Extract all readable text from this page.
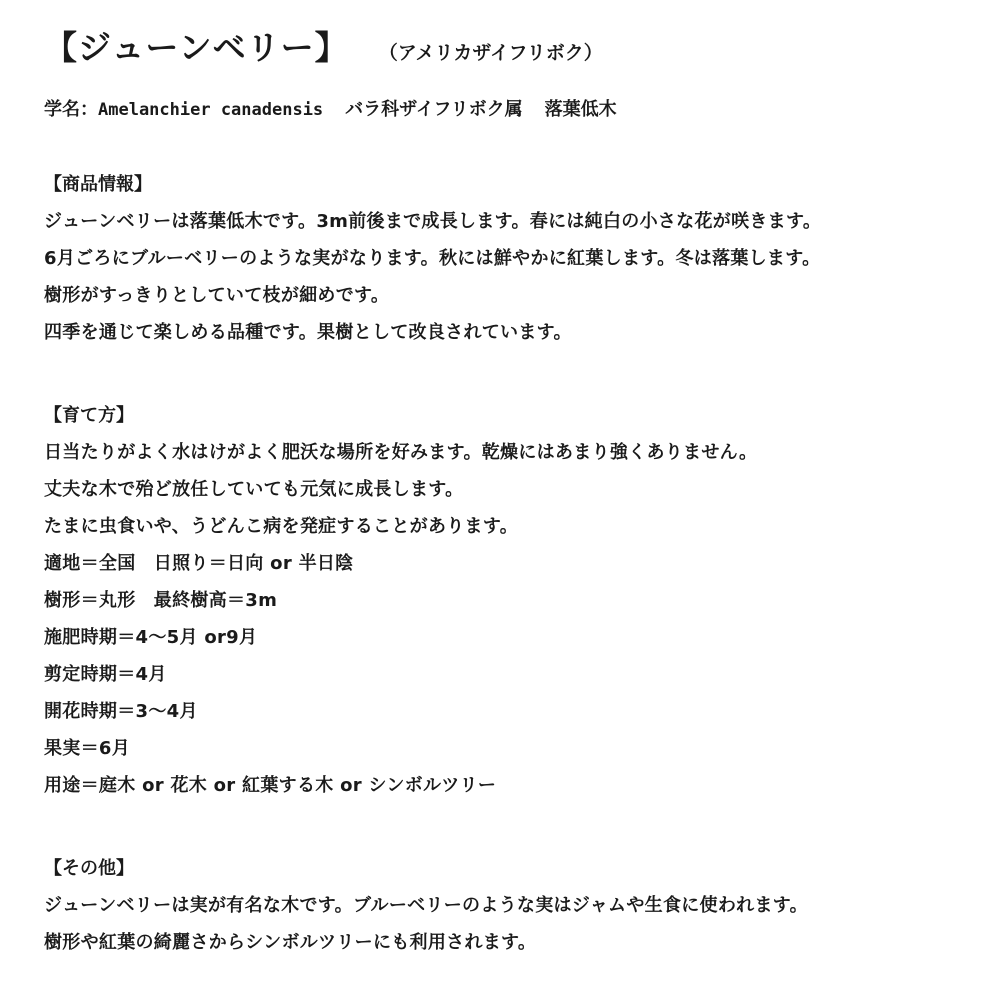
【ジューンベリー】 （アメリカザイフリボク）
学名：Amelanchier canadensis バラ科ザイフリボク属 落葉低木
【商品情報】
ジューンベリーは落葉低木です。3m前後まで成長します。春には純白の小さな花が咲きます。
6月ごろにブルーベリーのような実がなります。秋には鮮やかに紅葉します。冬は落葉します。
樹形がすっきりとしていて枝が細めです。
四季を通じて楽しめる品種です。果樹として改良されています。
【育て方】
日当たりがよく水はけがよく肥沃な場所を好みます。乾燥にはあまり強くありません。
丈夫な木で殆ど放任していても元気に成長します。
たまに虫食いや、うどんこ病を発症することがあります。
適地＝全国　日照り＝日向 or 半日陰
樹形＝丸形　最終樹高＝3m
施肥時期＝4～5月 or9月
剪定時期＝4月
開花時期＝3～4月
果実＝6月
用途＝庭木 or 花木 or 紅葉する木 or シンボルツリー
【その他】
ジューンベリーは実が有名な木です。ブルーベリーのような実はジャムや生食に使われます。
樹形や紅葉の綺麗さからシンボルツリーにも利用されます。
